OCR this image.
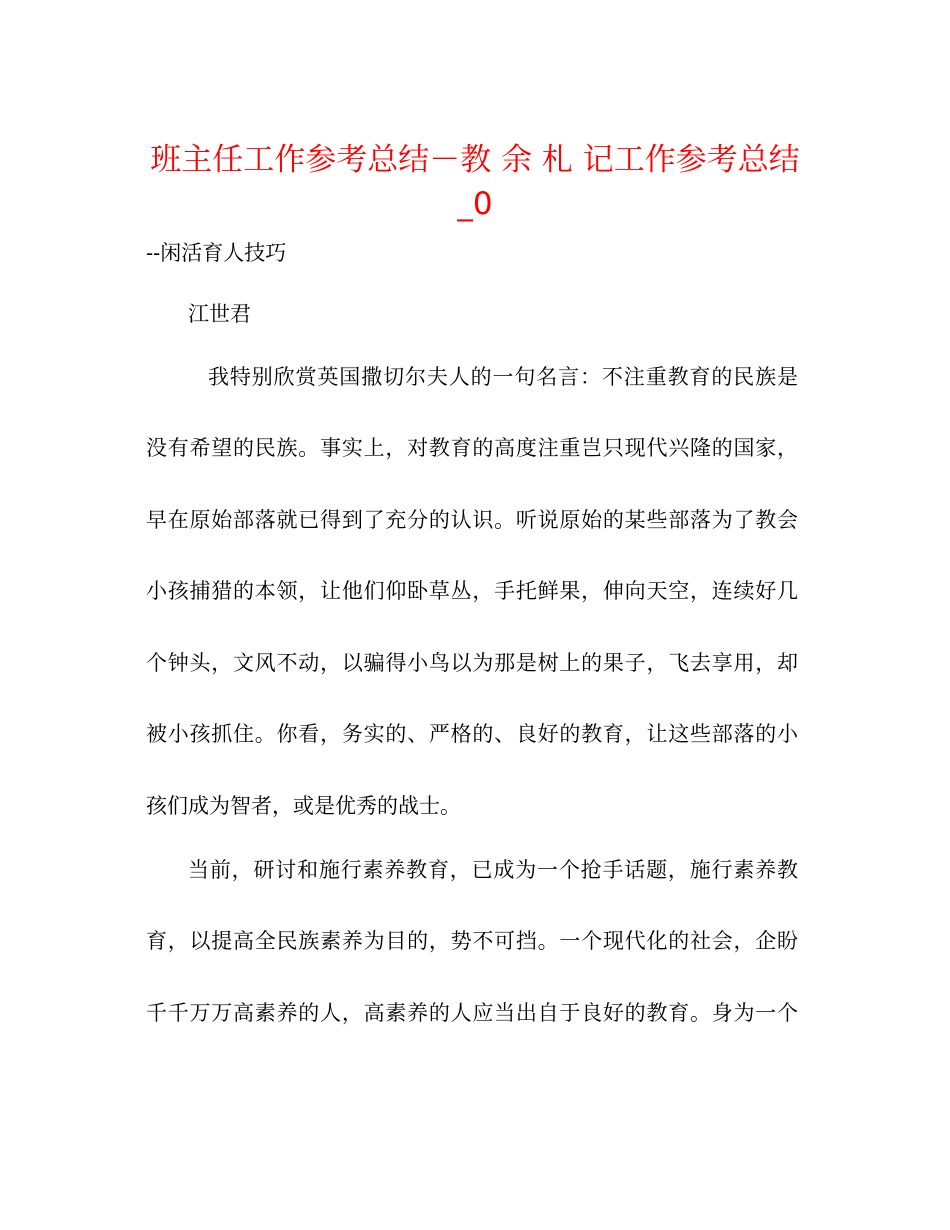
班主任工作参考总结－教 余 札 记工作参考总结
_0
--闲活育人技巧
江世君
我特别欣赏英国撒切尔夫人的一句名言：不注重教育的民族是
没有希望的民族。事实上，对教育的高度注重岂只现代兴隆的国家，
早在原始部落就已得到了充分的认识。听说原始的某些部落为了教会
小孩捕猎的本领，让他们仰卧草丛，手托鲜果，伸向天空，连续好几
个钟头，文风不动，以骗得小鸟以为那是树上的果子，飞去享用，却
被小孩抓住。你看，务实的、严格的、良好的教育，让这些部落的小
孩们成为智者，或是优秀的战士。
当前，研讨和施行素养教育，已成为一个抢手话题，施行素养教
育，以提高全民族素养为目的，势不可挡。一个现代化的社会，企盼
千千万万高素养的人，高素养的人应当出自于良好的教育。身为一个
